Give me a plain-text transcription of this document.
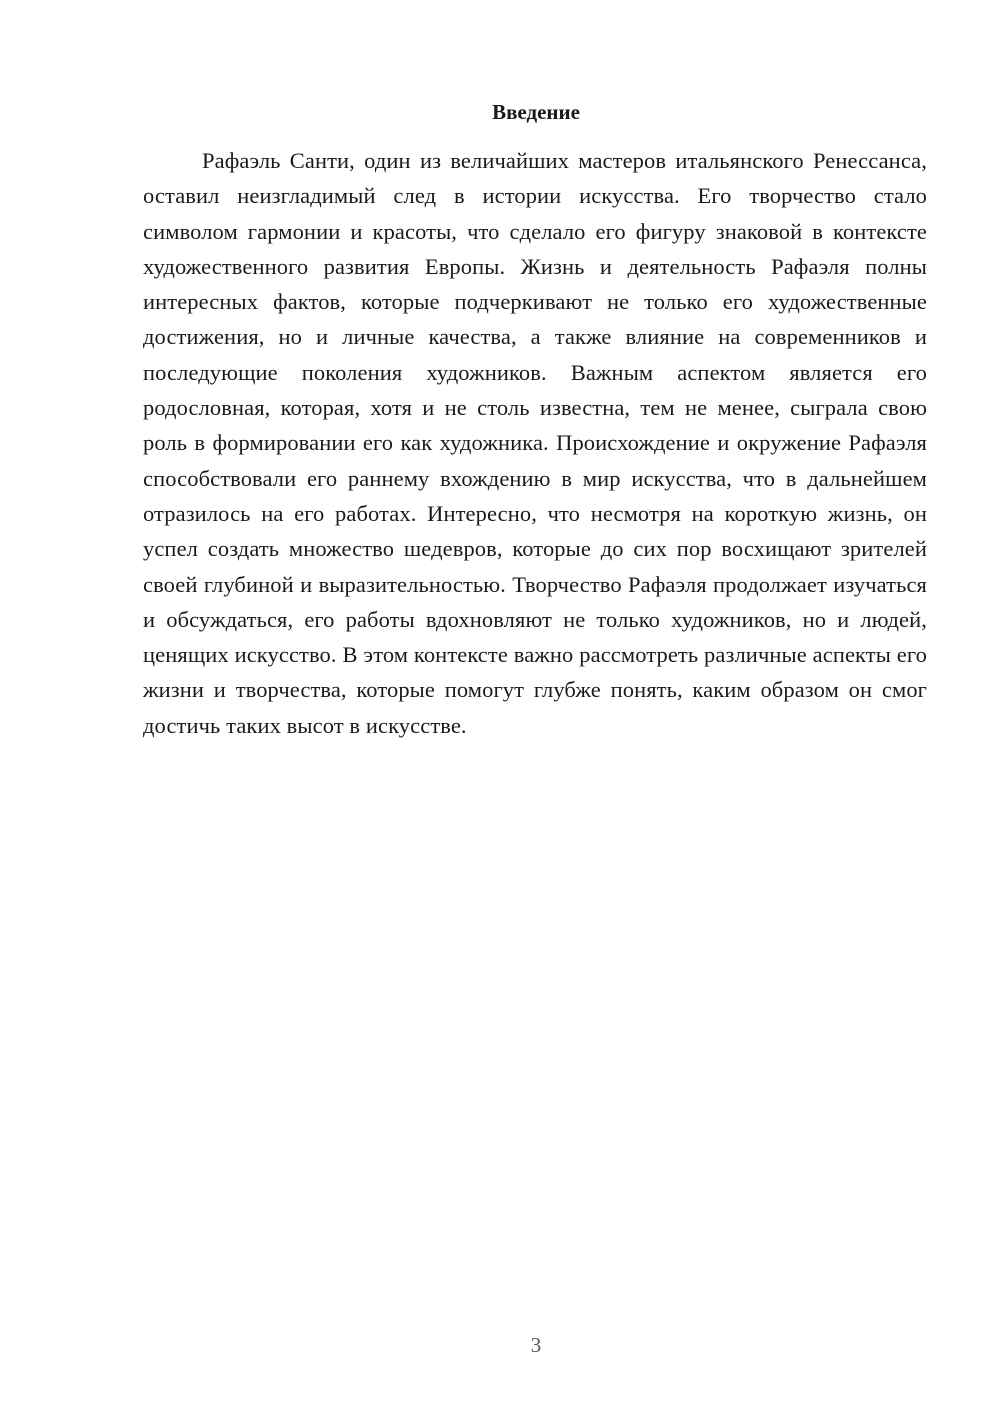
Введение

Рафаэль Санти, один из величайших мастеров итальянского Ренессанса, оставил неизгладимый след в истории искусства. Его творчество стало символом гармонии и красоты, что сделало его фигуру знаковой в контексте художественного развития Европы. Жизнь и деятельность Рафаэля полны интересных фактов, которые подчеркивают не только его художественные достижения, но и личные качества, а также влияние на современников и последующие поколения художников. Важным аспектом является его родословная, которая, хотя и не столь известна, тем не менее, сыграла свою роль в формировании его как художника. Происхождение и окружение Рафаэля способствовали его раннему вхождению в мир искусства, что в дальнейшем отразилось на его работах. Интересно, что несмотря на короткую жизнь, он успел создать множество шедевров, которые до сих пор восхищают зрителей своей глубиной и выразительностью. Творчество Рафаэля продолжает изучаться и обсуждаться, его работы вдохновляют не только художников, но и людей, ценящих искусство. В этом контексте важно рассмотреть различные аспекты его жизни и творчества, которые помогут глубже понять, каким образом он смог достичь таких высот в искусстве.

3
